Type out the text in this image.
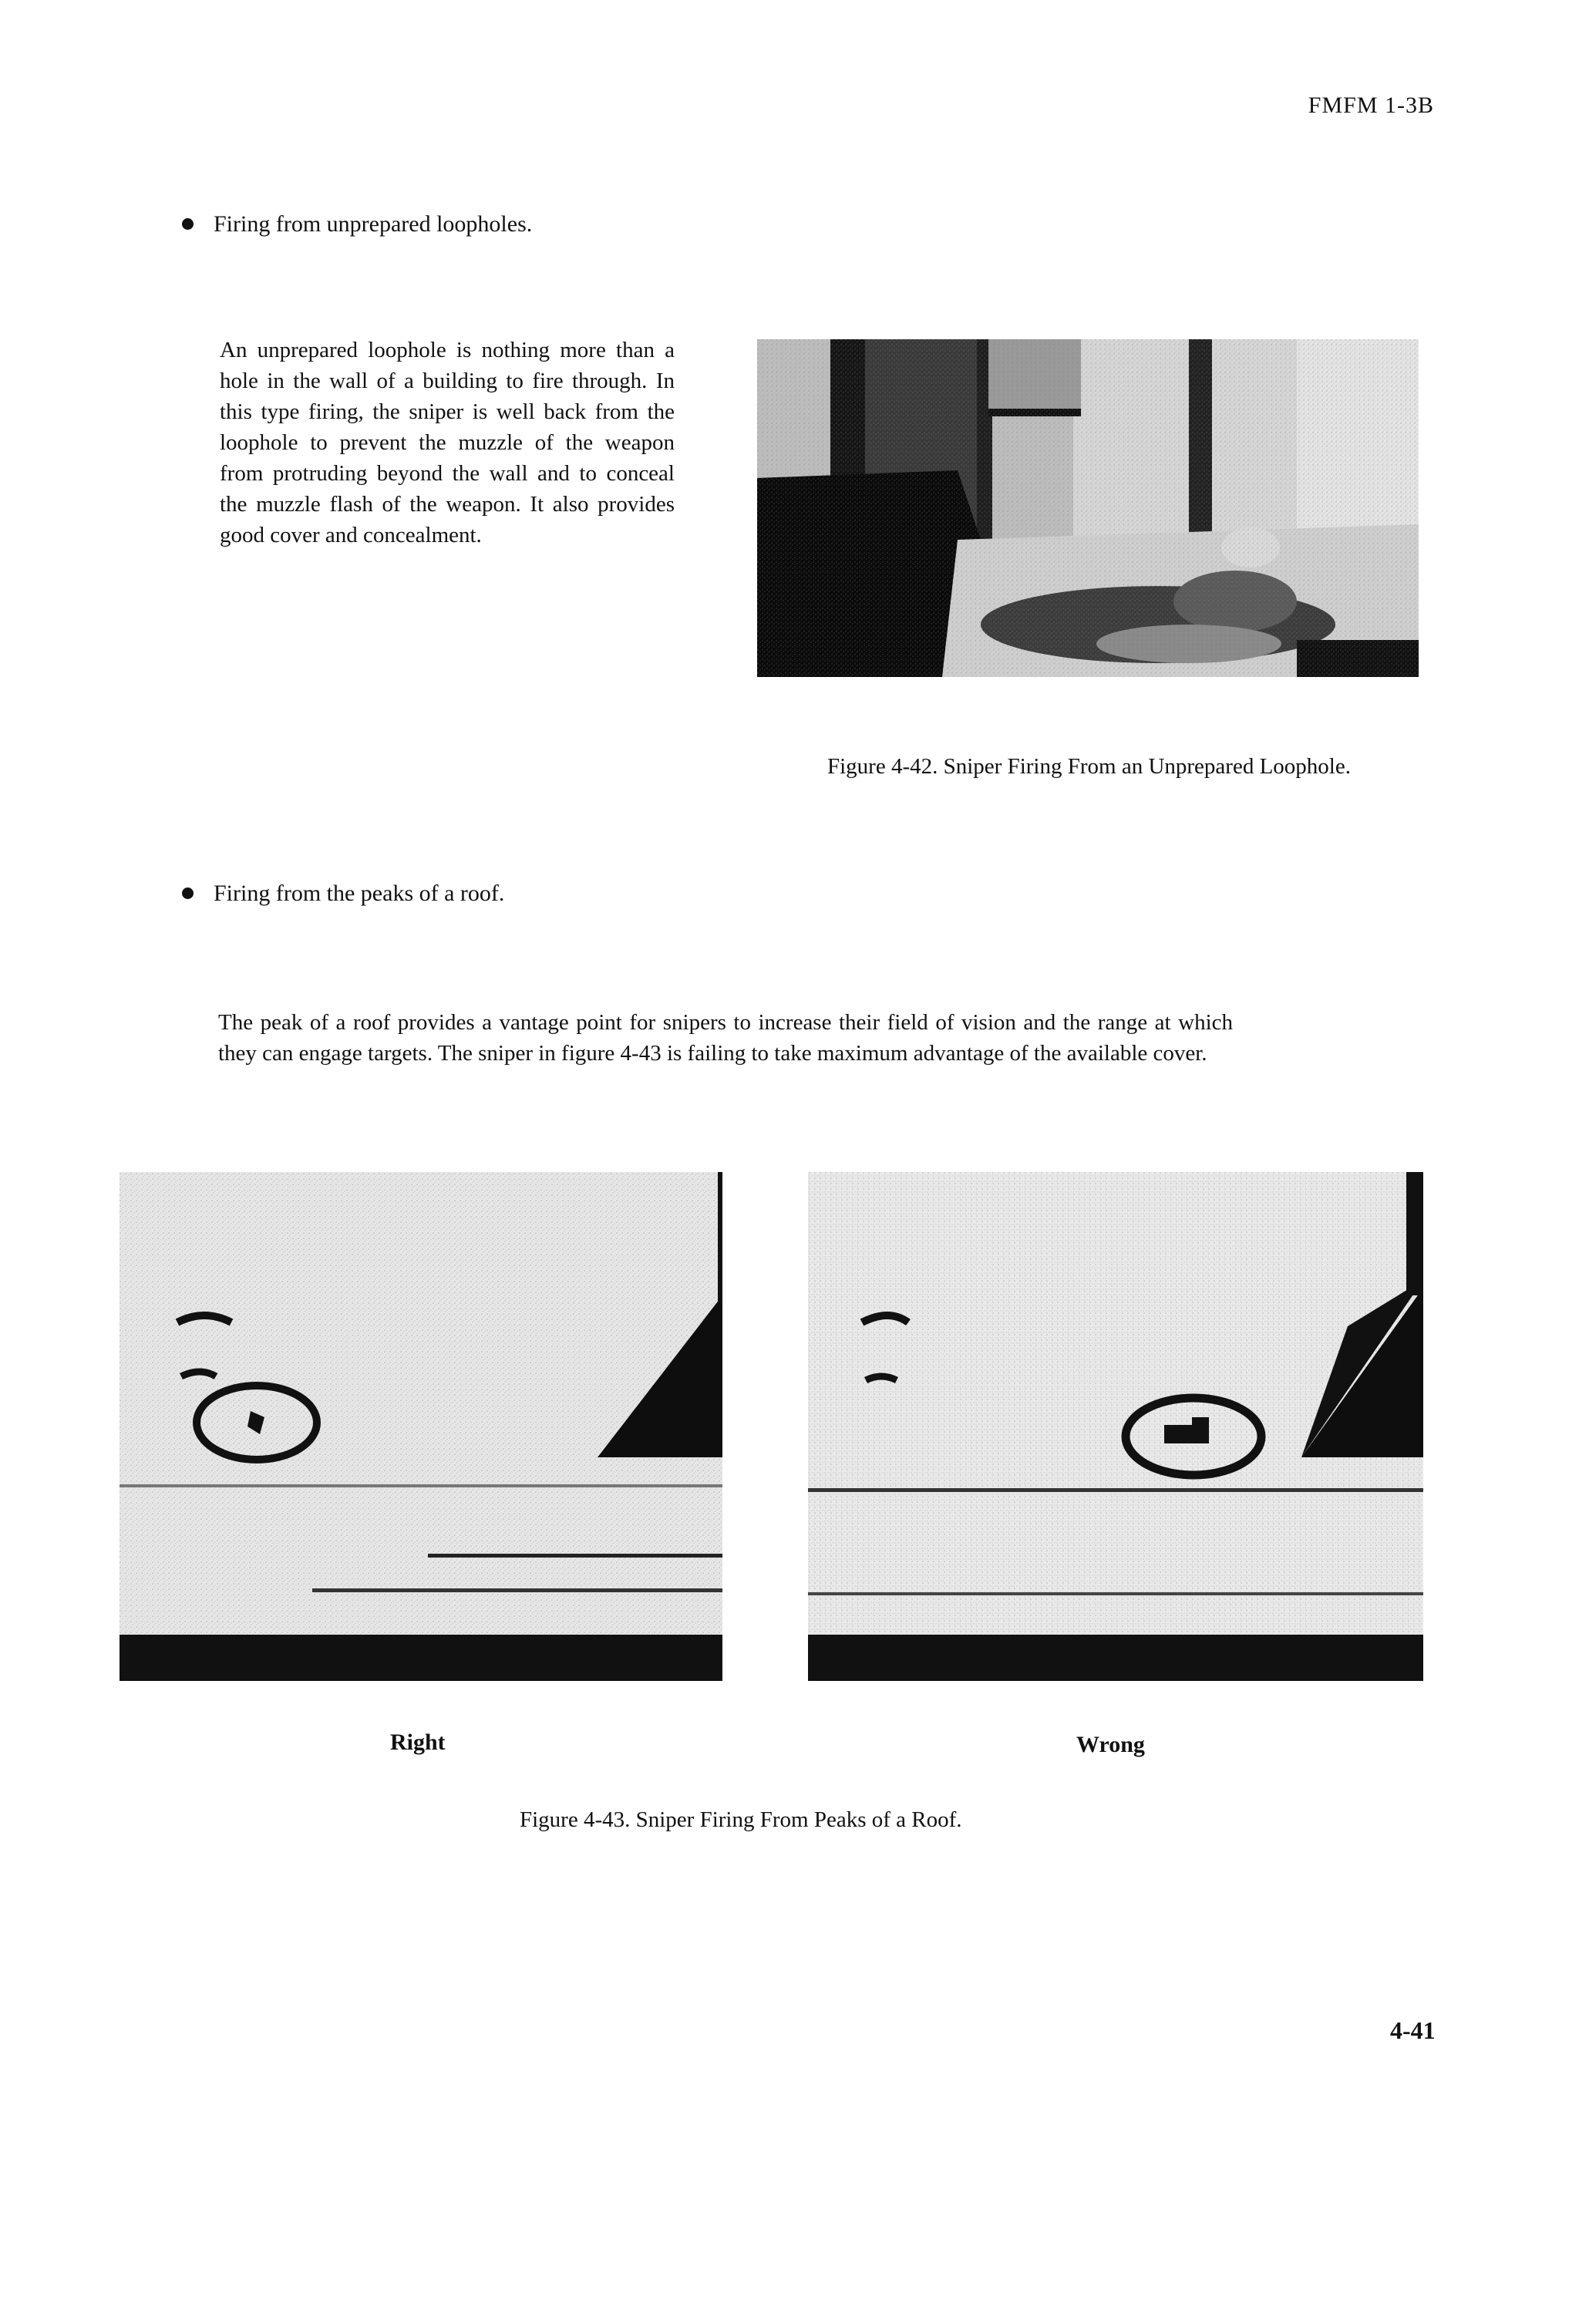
FMFM 1-3B
Firing from unprepared loopholes.
An unprepared loophole is nothing more than a hole in the wall of a building to fire through. In this type firing, the sniper is well back from the loophole to prevent the muzzle of the weapon from protruding beyond the wall and to conceal the muzzle flash of the weapon. It also provides good cover and concealment.
Figure 4-42. Sniper Firing From an Unprepared Loophole.
Firing from the peaks of a roof.
The peak of a roof provides a vantage point for snipers to increase their field of vision and the range at which they can engage targets. The sniper in figure 4-43 is failing to take maximum advantage of the available cover.
Right	Wrong
Figure 4-43. Sniper Firing From Peaks of a Roof.
4-41
